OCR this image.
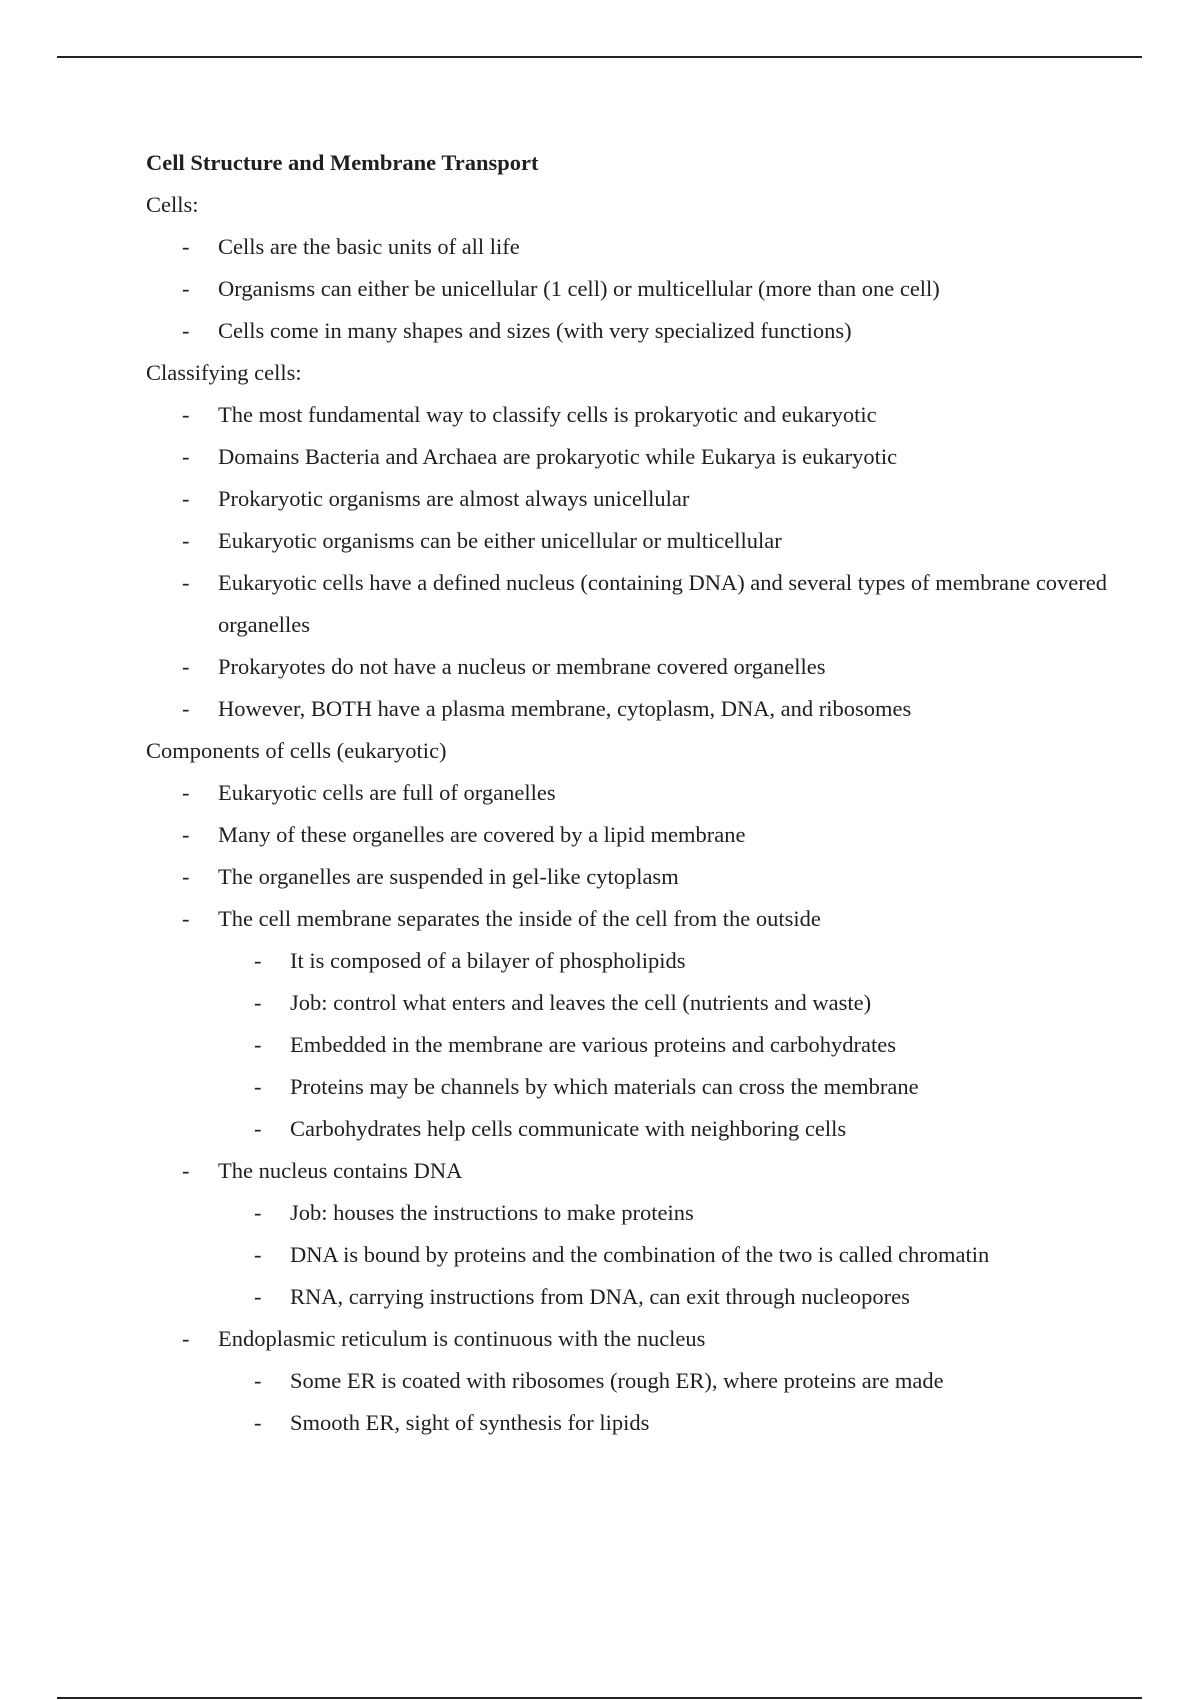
Cell Structure and Membrane Transport

Cells:

- Cells are the basic units of all life
- Organisms can either be unicellular (1 cell) or multicellular (more than one cell)
- Cells come in many shapes and sizes (with very specialized functions)

Classifying cells:

- The most fundamental way to classify cells is prokaryotic and eukaryotic
- Domains Bacteria and Archaea are prokaryotic while Eukarya is eukaryotic
- Prokaryotic organisms are almost always unicellular
- Eukaryotic organisms can be either unicellular or multicellular
- Eukaryotic cells have a defined nucleus (containing DNA) and several types of membrane covered organelles
- Prokaryotes do not have a nucleus or membrane covered organelles
- However, BOTH have a plasma membrane, cytoplasm, DNA, and ribosomes

Components of cells (eukaryotic)

- Eukaryotic cells are full of organelles
- Many of these organelles are covered by a lipid membrane
- The organelles are suspended in gel-like cytoplasm
- The cell membrane separates the inside of the cell from the outside
- It is composed of a bilayer of phospholipids
- Job: control what enters and leaves the cell (nutrients and waste)
- Embedded in the membrane are various proteins and carbohydrates
- Proteins may be channels by which materials can cross the membrane
- Carbohydrates help cells communicate with neighboring cells
- The nucleus contains DNA
- Job: houses the instructions to make proteins
- DNA is bound by proteins and the combination of the two is called chromatin
- RNA, carrying instructions from DNA, can exit through nucleopores
- Endoplasmic reticulum is continuous with the nucleus
- Some ER is coated with ribosomes (rough ER), where proteins are made
- Smooth ER, sight of synthesis for lipids
